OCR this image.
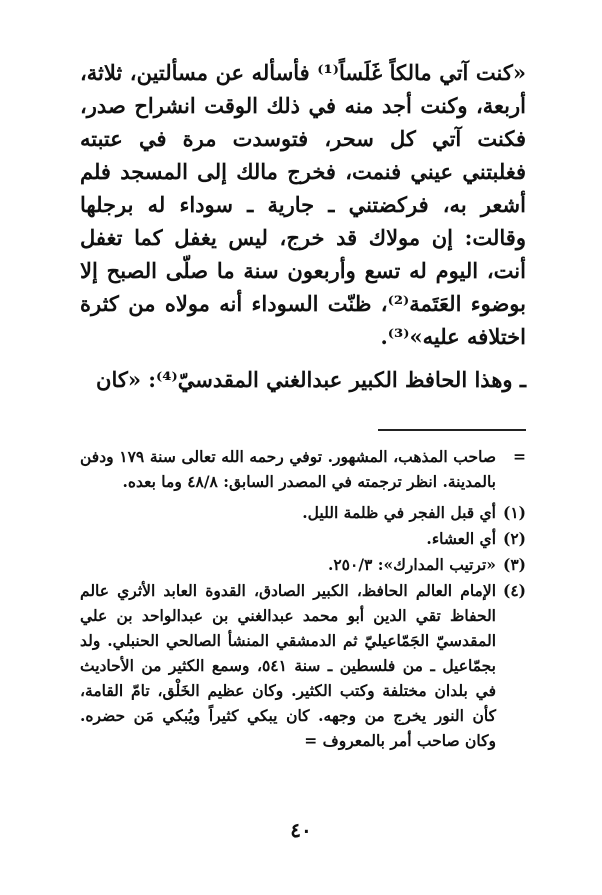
«كنت آتي مالكاً غَلَساً⁽¹⁾ فأسأله عن مسألتين، ثلاثة، أربعة، وكنت أجد منه في ذلك الوقت انشراح صدر، فكنت آتي كل سحر، فتوسدت مرة في عتبته فغلبتني عيني فنمت، فخرج مالك إلى المسجد فلم أشعر به، فركضتني ـ جارية ـ سوداء له برجلها وقالت: إن مولاك قد خرج، ليس يغفل كما تغفل أنت، اليوم له تسع وأربعون سنة ما صلّى الصبح إلا بوضوء العَتَمة⁽²⁾، ظنّت السوداء أنه مولاه من كثرة اختلافه عليه»⁽³⁾.

ـ وهذا الحافظ الكبير عبدالغني المقدسيّ⁽⁴⁾: «كان

=
صاحب المذهب، المشهور. توفي رحمه الله تعالى سنة ١٧٩ ودفن بالمدينة. انظر ترجمته في المصدر السابق: ٤٨/٨ وما بعده.
(١)
أي قبل الفجر في ظلمة الليل.
(٢)
أي العشاء.
(٣)
«ترتيب المدارك»: ٢٥٠/٣.
(٤)
الإمام العالم الحافظ، الكبير الصادق، القدوة العابد الأثري عالم الحفاظ تقي الدين أبو محمد عبدالغني بن عبدالواحد بن علي المقدسيّ الجَمّاعيليّ ثم الدمشقي المنشأ الصالحي الحنبلي. ولد بجمّاعيل ـ من فلسطين ـ سنة ٥٤١، وسمع الكثير من الأحاديث في بلدان مختلفة وكتب الكثير. وكان عظيم الخَلْق، تامّ القامة، كأن النور يخرج من وجهه. كان يبكي كثيراً ويُبكي مَن حضره. وكان صاحب أمر بالمعروف =
٤٠
